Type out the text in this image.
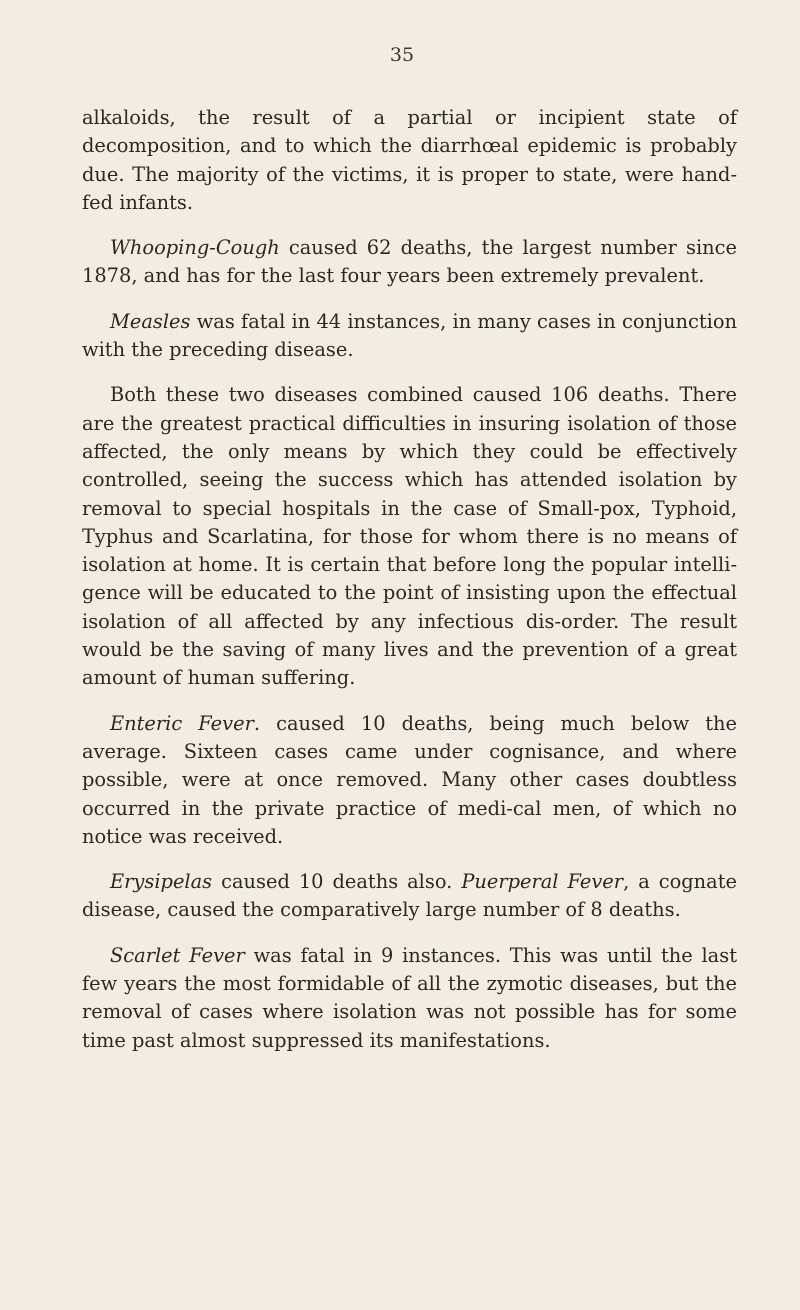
35

alkaloids, the result of a partial or incipient state of decomposition, and to which the diarrhœal epidemic is probably due. The majority of the victims, it is proper to state, were hand-fed infants.

Whooping-Cough caused 62 deaths, the largest number since 1878, and has for the last four years been extremely prevalent.

Measles was fatal in 44 instances, in many cases in conjunction with the preceding disease.

Both these two diseases combined caused 106 deaths. There are the greatest practical difficulties in insuring isolation of those affected, the only means by which they could be effectively controlled, seeing the success which has attended isolation by removal to special hospitals in the case of Small-pox, Typhoid, Typhus and Scarlatina, for those for whom there is no means of isolation at home. It is certain that before long the popular intelli-gence will be educated to the point of insisting upon the effectual isolation of all affected by any infectious dis-order. The result would be the saving of many lives and the prevention of a great amount of human suffering.

Enteric Fever. caused 10 deaths, being much below the average. Sixteen cases came under cognisance, and where possible, were at once removed. Many other cases doubtless occurred in the private practice of medi-cal men, of which no notice was received.

Erysipelas caused 10 deaths also. Puerperal Fever, a cognate disease, caused the comparatively large number of 8 deaths.

Scarlet Fever was fatal in 9 instances. This was until the last few years the most formidable of all the zymotic diseases, but the removal of cases where isolation was not possible has for some time past almost suppressed its manifestations.
